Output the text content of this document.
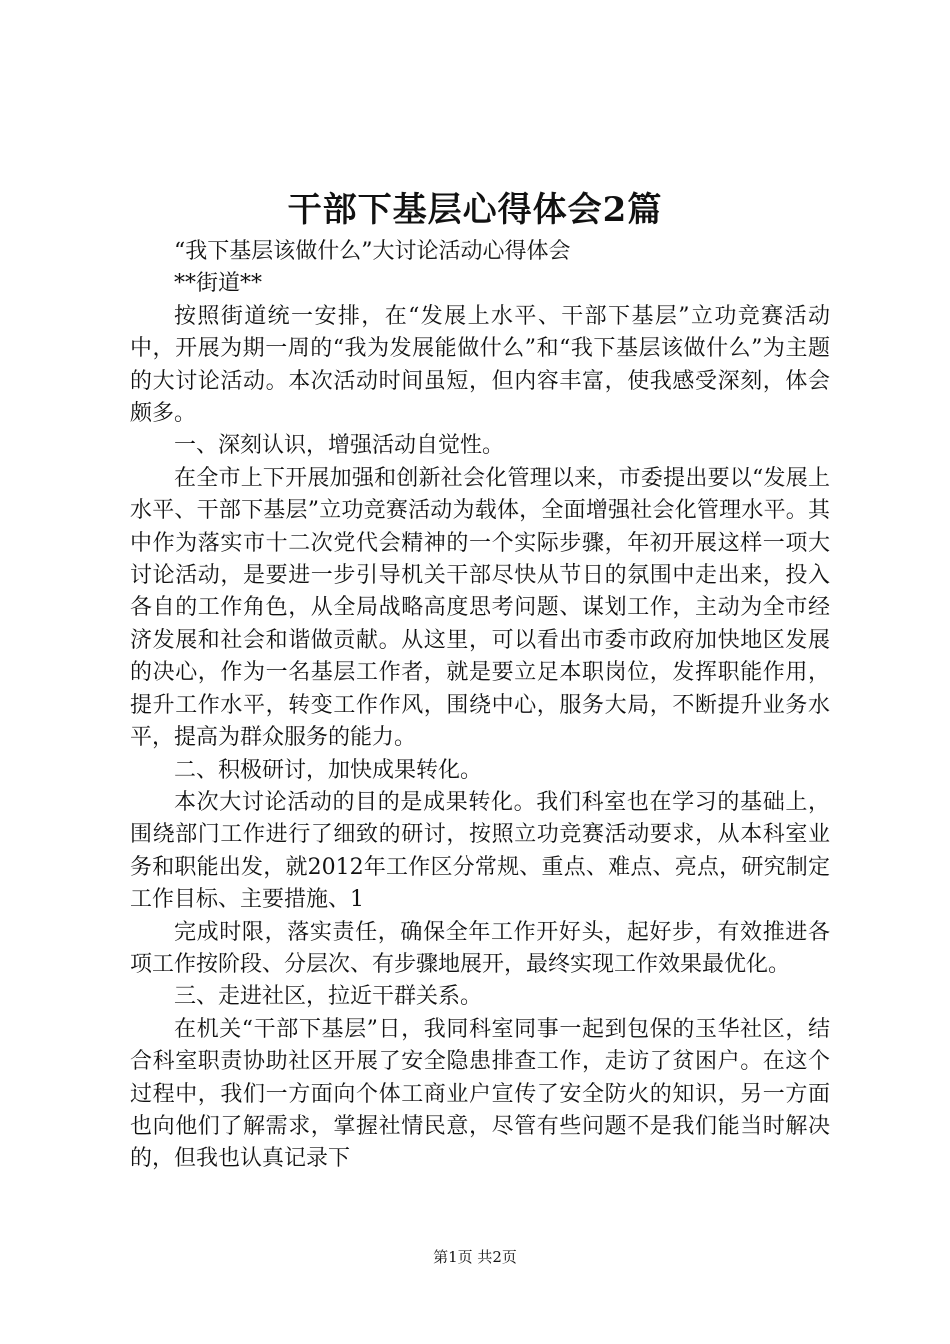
干部下基层心得体会2篇

“我下基层该做什么”大讨论活动心得体会

**街道**

按照街道统一安排，在“发展上水平、干部下基层”立功竞赛活动中，开展为期一周的“我为发展能做什么”和“我下基层该做什么”为主题的大讨论活动。本次活动时间虽短，但内容丰富，使我感受深刻，体会颇多。

一、深刻认识，增强活动自觉性。

在全市上下开展加强和创新社会化管理以来，市委提出要以“发展上水平、干部下基层”立功竞赛活动为载体，全面增强社会化管理水平。其中作为落实市十二次党代会精神的一个实际步骤，年初开展这样一项大讨论活动，是要进一步引导机关干部尽快从节日的氛围中走出来，投入各自的工作角色，从全局战略高度思考问题、谋划工作，主动为全市经济发展和社会和谐做贡献。从这里，可以看出市委市政府加快地区发展的决心，作为一名基层工作者，就是要立足本职岗位，发挥职能作用，提升工作水平，转变工作作风，围绕中心，服务大局，不断提升业务水平，提高为群众服务的能力。

二、积极研讨，加快成果转化。

本次大讨论活动的目的是成果转化。我们科室也在学习的基础上，围绕部门工作进行了细致的研讨，按照立功竞赛活动要求，从本科室业务和职能出发，就2012年工作区分常规、重点、难点、亮点，研究制定工作目标、主要措施、1

完成时限，落实责任，确保全年工作开好头，起好步，有效推进各项工作按阶段、分层次、有步骤地展开，最终实现工作效果最优化。

三、走进社区，拉近干群关系。

在机关“干部下基层”日，我同科室同事一起到包保的玉华社区，结合科室职责协助社区开展了安全隐患排查工作，走访了贫困户。在这个过程中，我们一方面向个体工商业户宣传了安全防火的知识，另一方面也向他们了解需求，掌握社情民意，尽管有些问题不是我们能当时解决的，但我也认真记录下

第1页 共2页
